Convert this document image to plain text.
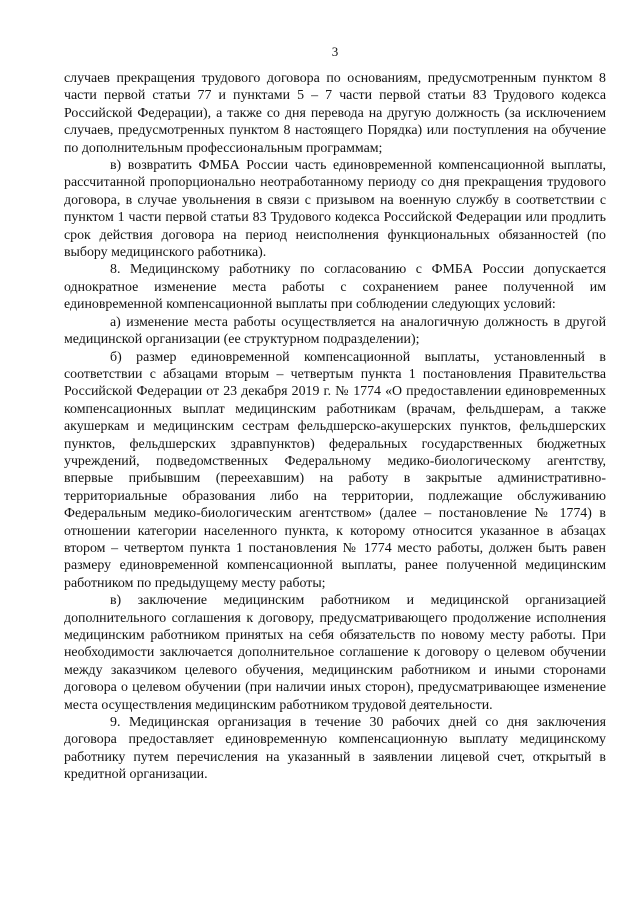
3

случаев прекращения трудового договора по основаниям, предусмотренным пунктом 8 части первой статьи 77 и пунктами 5 – 7 части первой статьи 83 Трудового кодекса Российской Федерации), а также со дня перевода на другую должность (за исключением случаев, предусмотренных пунктом 8 настоящего Порядка) или поступления на обучение по дополнительным профессиональным программам;

в) возвратить ФМБА России часть единовременной компенсационной выплаты, рассчитанной пропорционально неотработанному периоду со дня прекращения трудового договора, в случае увольнения в связи с призывом на военную службу в соответствии с пунктом 1 части первой статьи 83 Трудового кодекса Российской Федерации или продлить срок действия договора на период неисполнения функциональных обязанностей (по выбору медицинского работника).

8. Медицинскому работнику по согласованию с ФМБА России допускается однократное изменение места работы с сохранением ранее полученной им единовременной компенсационной выплаты при соблюдении следующих условий:

а) изменение места работы осуществляется на аналогичную должность в другой медицинской организации (ее структурном подразделении);

б) размер единовременной компенсационной выплаты, установленный в соответствии с абзацами вторым – четвертым пункта 1 постановления Правительства Российской Федерации от 23 декабря 2019 г. № 1774 «О предоставлении единовременных компенсационных выплат медицинским работникам (врачам, фельдшерам, а также акушеркам и медицинским сестрам фельдшерско-акушерских пунктов, фельдшерских пунктов, фельдшерских здравпунктов) федеральных государственных бюджетных учреждений, подведомственных Федеральному медико-биологическому агентству, впервые прибывшим (переехавшим) на работу в закрытые административно-территориальные образования либо на территории, подлежащие обслуживанию Федеральным медико-биологическим агентством» (далее – постановление № 1774) в отношении категории населенного пункта, к которому относится указанное в абзацах втором – четвертом пункта 1 постановления № 1774 место работы, должен быть равен размеру единовременной компенсационной выплаты, ранее полученной медицинским работником по предыдущему месту работы;

в) заключение медицинским работником и медицинской организацией дополнительного соглашения к договору, предусматривающего продолжение исполнения медицинским работником принятых на себя обязательств по новому месту работы. При необходимости заключается дополнительное соглашение к договору о целевом обучении между заказчиком целевого обучения, медицинским работником и иными сторонами договора о целевом обучении (при наличии иных сторон), предусматривающее изменение места осуществления медицинским работником трудовой деятельности.

9. Медицинская организация в течение 30 рабочих дней со дня заключения договора предоставляет единовременную компенсационную выплату медицинскому работнику путем перечисления на указанный в заявлении лицевой счет, открытый в кредитной организации.
